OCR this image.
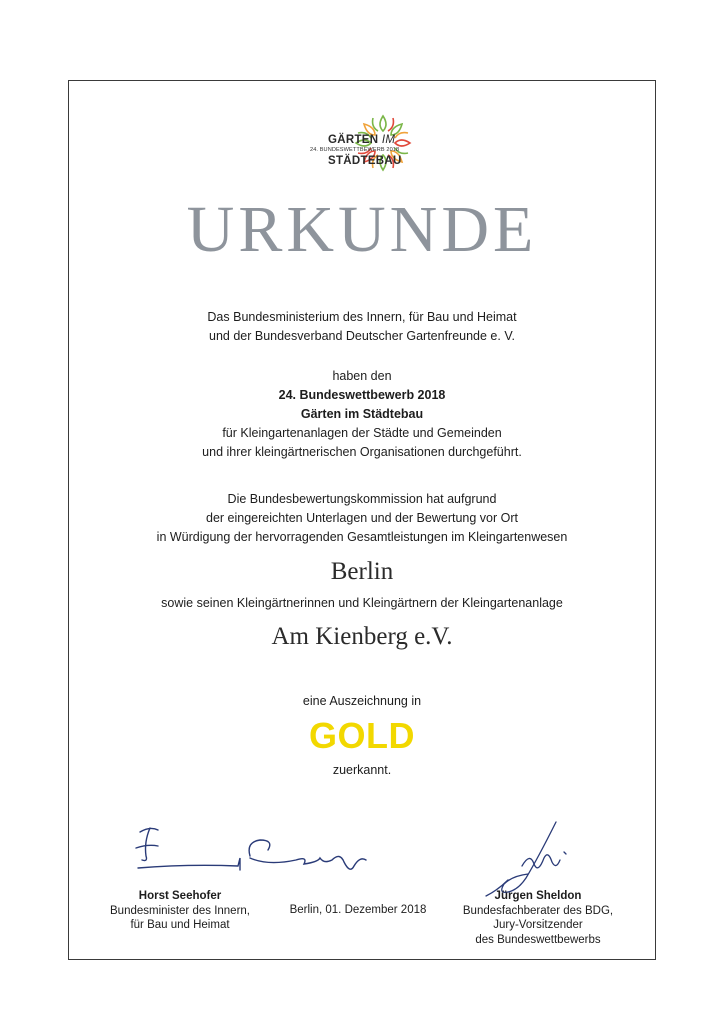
GÄRTEN IM
24. BUNDESWETTBEWERB 2018
STÄDTEBAU
URKUNDE
Das Bundesministerium des Innern, für Bau und Heimat
und der Bundesverband Deutscher Gartenfreunde e. V.
haben den
24. Bundeswettbewerb 2018
Gärten im Städtebau
für Kleingartenanlagen der Städte und Gemeinden
und ihrer kleingärtnerischen Organisationen durchgeführt.
Die Bundesbewertungskommission hat aufgrund
der eingereichten Unterlagen und der Bewertung vor Ort
in Würdigung der hervorragenden Gesamtleistungen im Kleingartenwesen
Berlin
sowie seinen Kleingärtnerinnen und Kleingärtnern der Kleingartenanlage
Am Kienberg e.V.
eine Auszeichnung in
GOLD
zuerkannt.
Horst Seehofer
Bundesminister des Innern,
für Bau und Heimat
Berlin, 01. Dezember 2018
Jürgen Sheldon
Bundesfachberater des BDG,
Jury-Vorsitzender
des Bundeswettbewerbs
